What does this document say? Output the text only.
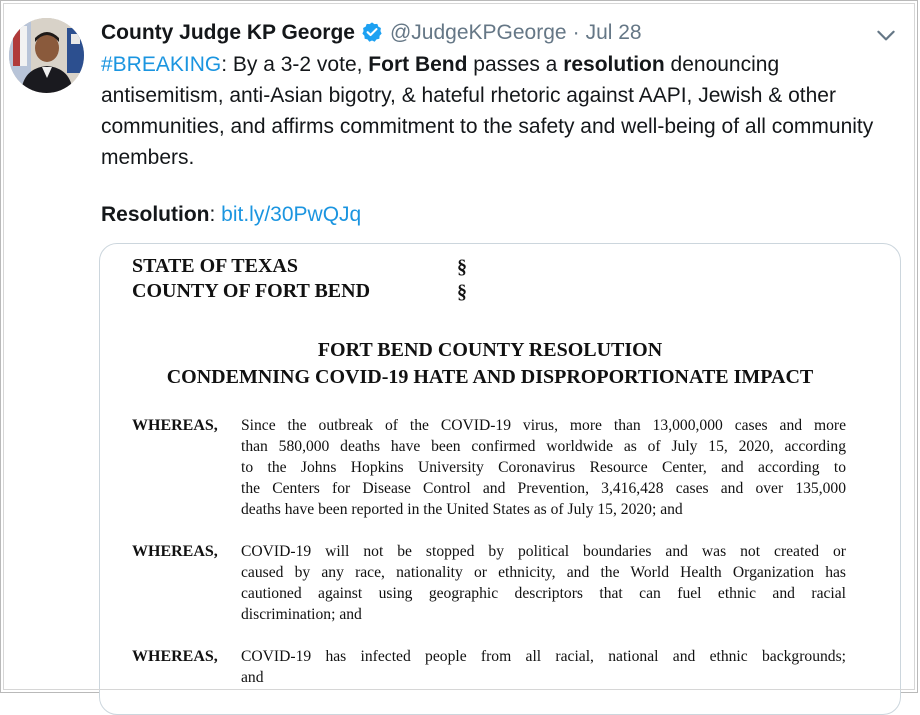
County Judge KP George @JudgeKPGeorge · Jul 28
#BREAKING: By a 3-2 vote, Fort Bend passes a resolution denouncing antisemitism, anti-Asian bigotry, & hateful rhetoric against AAPI, Jewish & other communities, and affirms commitment to the safety and well-being of all community members.
Resolution: bit.ly/30PwQJq
STATE OF TEXAS	§
COUNTY OF FORT BEND	§
FORT BEND COUNTY RESOLUTION
CONDEMNING COVID-19 HATE AND DISPROPORTIONATE IMPACT
WHEREAS, Since the outbreak of the COVID-19 virus, more than 13,000,000 cases and more
than 580,000 deaths have been confirmed worldwide as of July 15, 2020, according
to the Johns Hopkins University Coronavirus Resource Center, and according to
the Centers for Disease Control and Prevention, 3,416,428 cases and over 135,000
deaths have been reported in the United States as of July 15, 2020; and
WHEREAS, COVID-19 will not be stopped by political boundaries and was not created or
caused by any race, nationality or ethnicity, and the World Health Organization has
cautioned against using geographic descriptors that can fuel ethnic and racial
discrimination; and
WHEREAS, COVID-19 has infected people from all racial, national and ethnic backgrounds;
and
